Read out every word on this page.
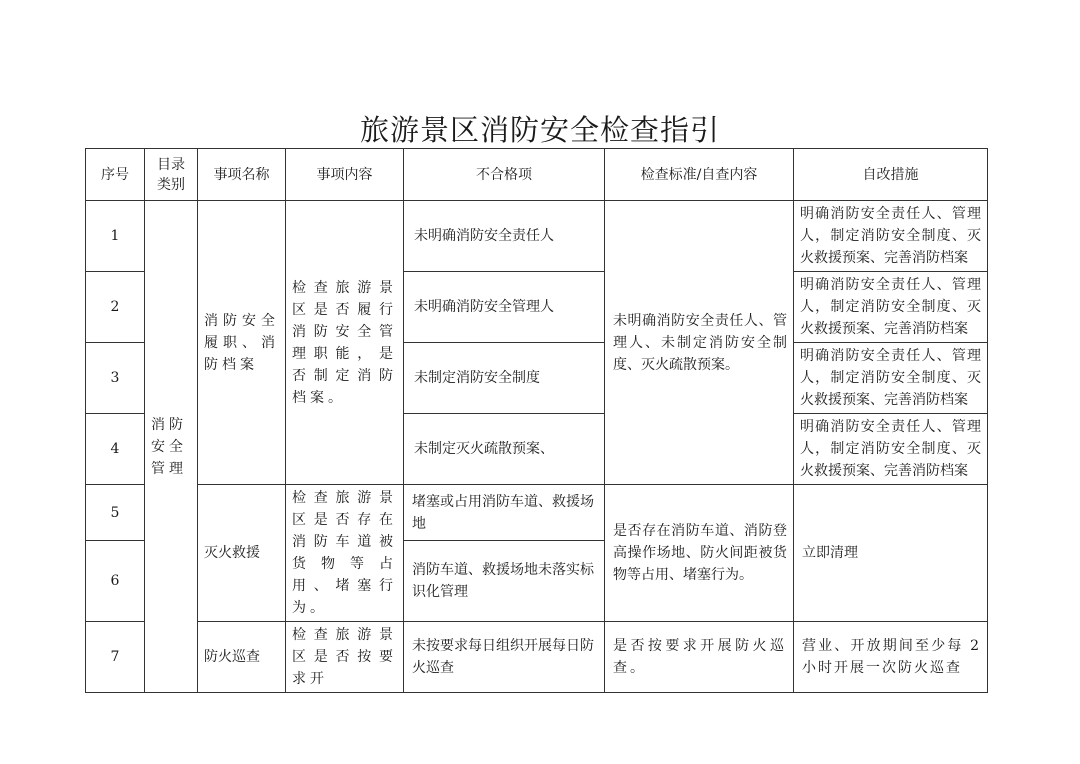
旅游景区消防安全检查指引
序号	目录类别	事项名称	事项内容	不合格项	检查标准/自查内容	自改措施
1	消防安全管理	消防安全履职、消防档案	检查旅游景区是否履行消防安全管理职能，是否制定消防档案。	未明确消防安全责任人	未明确消防安全责任人、管理人、未制定消防安全制度、灭火疏散预案。	明确消防安全责任人、管理人，制定消防安全制度、灭火救援预案、完善消防档案
2				未明确消防安全管理人		明确消防安全责任人、管理人，制定消防安全制度、灭火救援预案、完善消防档案
3				未制定消防安全制度		明确消防安全责任人、管理人，制定消防安全制度、灭火救援预案、完善消防档案
4				未制定灭火疏散预案、		明确消防安全责任人、管理人，制定消防安全制度、灭火救援预案、完善消防档案
5		灭火救援	检查旅游景区是否存在消防车道被货物等占用、堵塞行为。	堵塞或占用消防车道、救援场地	是否存在消防车道、消防登高操作场地、防火间距被货物等占用、堵塞行为。	立即清理
6				消防车道、救援场地未落实标识化管理		
7		防火巡查	检查旅游景区是否按要求开	未按要求每日组织开展每日防火巡查	是否按要求开展防火巡查。	营业、开放期间至少每 2小时开展一次防火巡查
